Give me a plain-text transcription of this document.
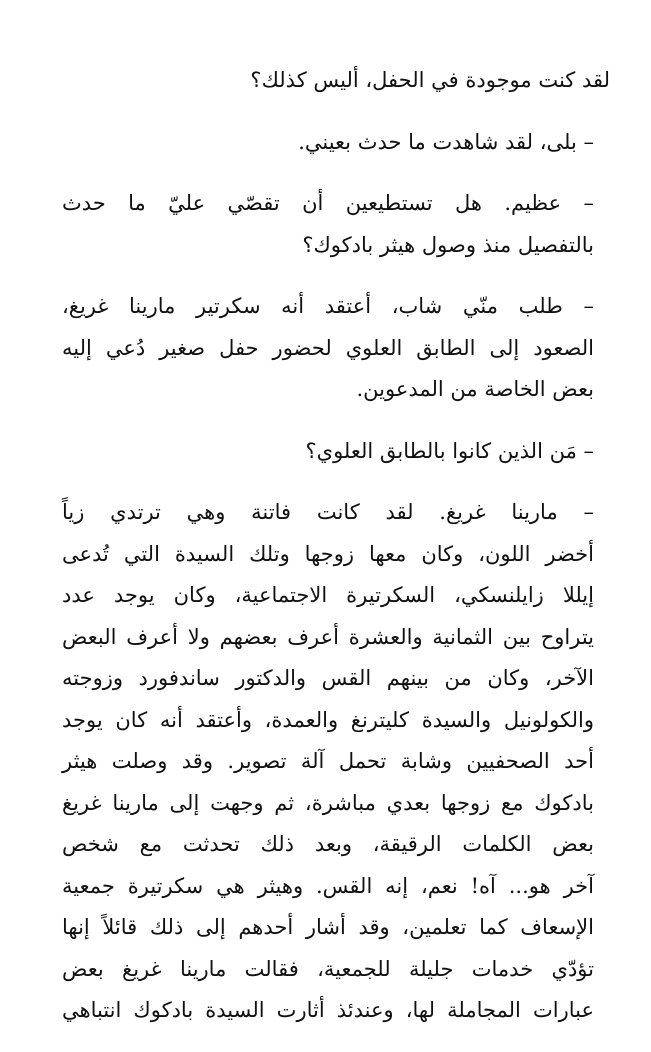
لقد كنت موجودة في الحفل، أليس كذلك؟

– بلى، لقد شاهدت ما حدث بعيني.

– عظيم. هل تستطيعين أن تقصّي عليّ ما حدث
بالتفصيل منذ وصول هيثر بادكوك؟

– طلب منّي شاب، أعتقد أنه سكرتير مارينا غريغ،
الصعود إلى الطابق العلوي لحضور حفل صغير دُعي إليه
بعض الخاصة من المدعوين.

– مَن الذين كانوا بالطابق العلوي؟

– مارينا غريغ. لقد كانت فاتنة وهي ترتدي زياً
أخضر اللون، وكان معها زوجها وتلك السيدة التي تُدعى
إيللا زايلنسكي، السكرتيرة الاجتماعية، وكان يوجد عدد
يتراوح بين الثمانية والعشرة أعرف بعضهم ولا أعرف البعض
الآخر، وكان من بينهم القس والدكتور ساندفورد وزوجته
والكولونيل والسيدة كليترنغ والعمدة، وأعتقد أنه كان يوجد
أحد الصحفيين وشابة تحمل آلة تصوير. وقد وصلت هيثر
بادكوك مع زوجها بعدي مباشرة، ثم وجهت إلى مارينا غريغ
بعض الكلمات الرقيقة، وبعد ذلك تحدثت مع شخص
آخر هو... آه! نعم، إنه القس. وهيثر هي سكرتيرة جمعية
الإسعاف كما تعلمين، وقد أشار أحدهم إلى ذلك قائلاً إنها
تؤدّي خدمات جليلة للجمعية، فقالت مارينا غريغ بعض
عبارات المجاملة لها، وعندئذ أثارت السيدة بادكوك انتباهي
